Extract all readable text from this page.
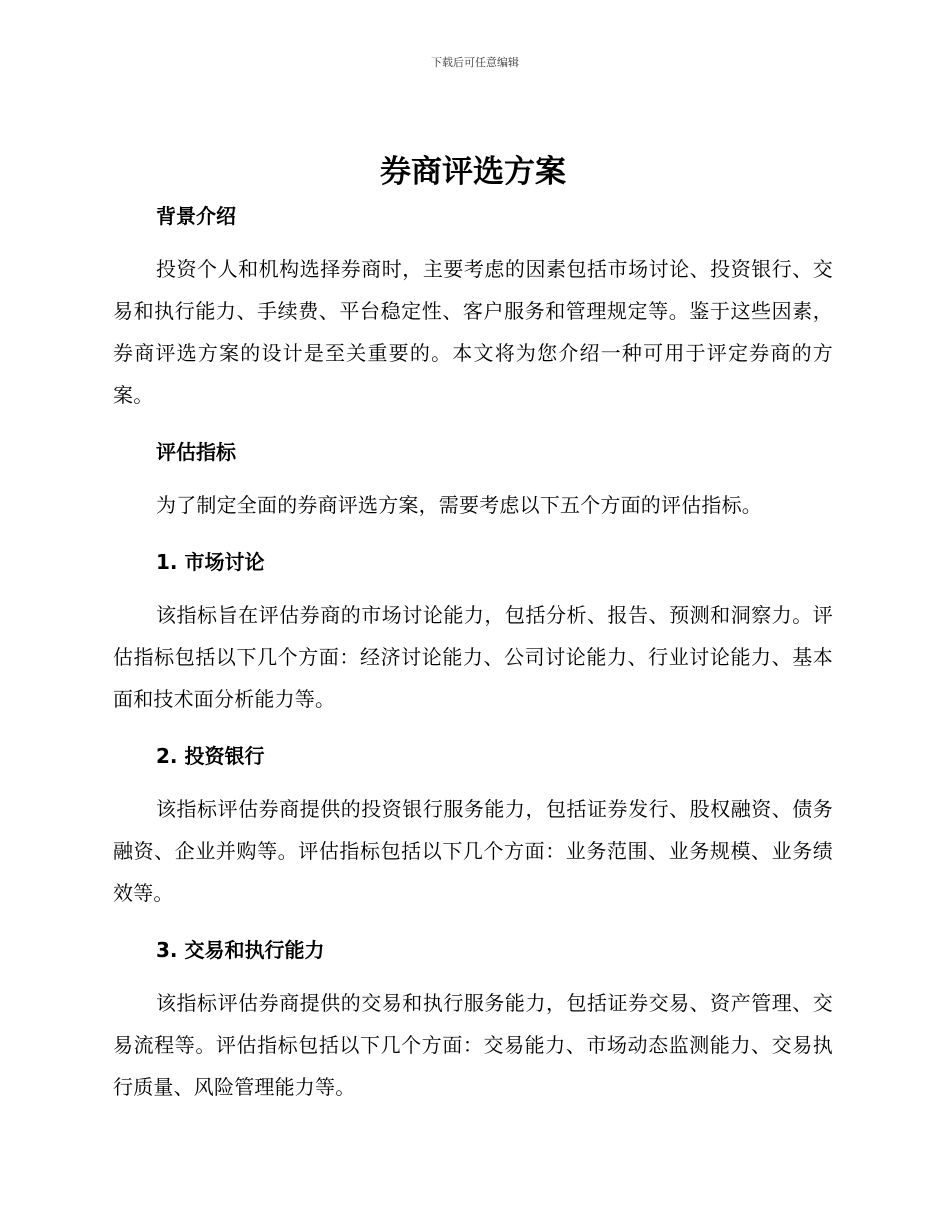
下载后可任意编辑
券商评选方案
背景介绍

投资个人和机构选择券商时，主要考虑的因素包括市场讨论、投资银行、交易和执行能力、手续费、平台稳定性、客户服务和管理规定等。鉴于这些因素，券商评选方案的设计是至关重要的。本文将为您介绍一种可用于评定券商的方案。

评估指标

为了制定全面的券商评选方案，需要考虑以下五个方面的评估指标。

1. 市场讨论

该指标旨在评估券商的市场讨论能力，包括分析、报告、预测和洞察力。评估指标包括以下几个方面：经济讨论能力、公司讨论能力、行业讨论能力、基本面和技术面分析能力等。

2. 投资银行

该指标评估券商提供的投资银行服务能力，包括证券发行、股权融资、债务融资、企业并购等。评估指标包括以下几个方面：业务范围、业务规模、业务绩效等。

3. 交易和执行能力

该指标评估券商提供的交易和执行服务能力，包括证券交易、资产管理、交易流程等。评估指标包括以下几个方面：交易能力、市场动态监测能力、交易执行质量、风险管理能力等。
